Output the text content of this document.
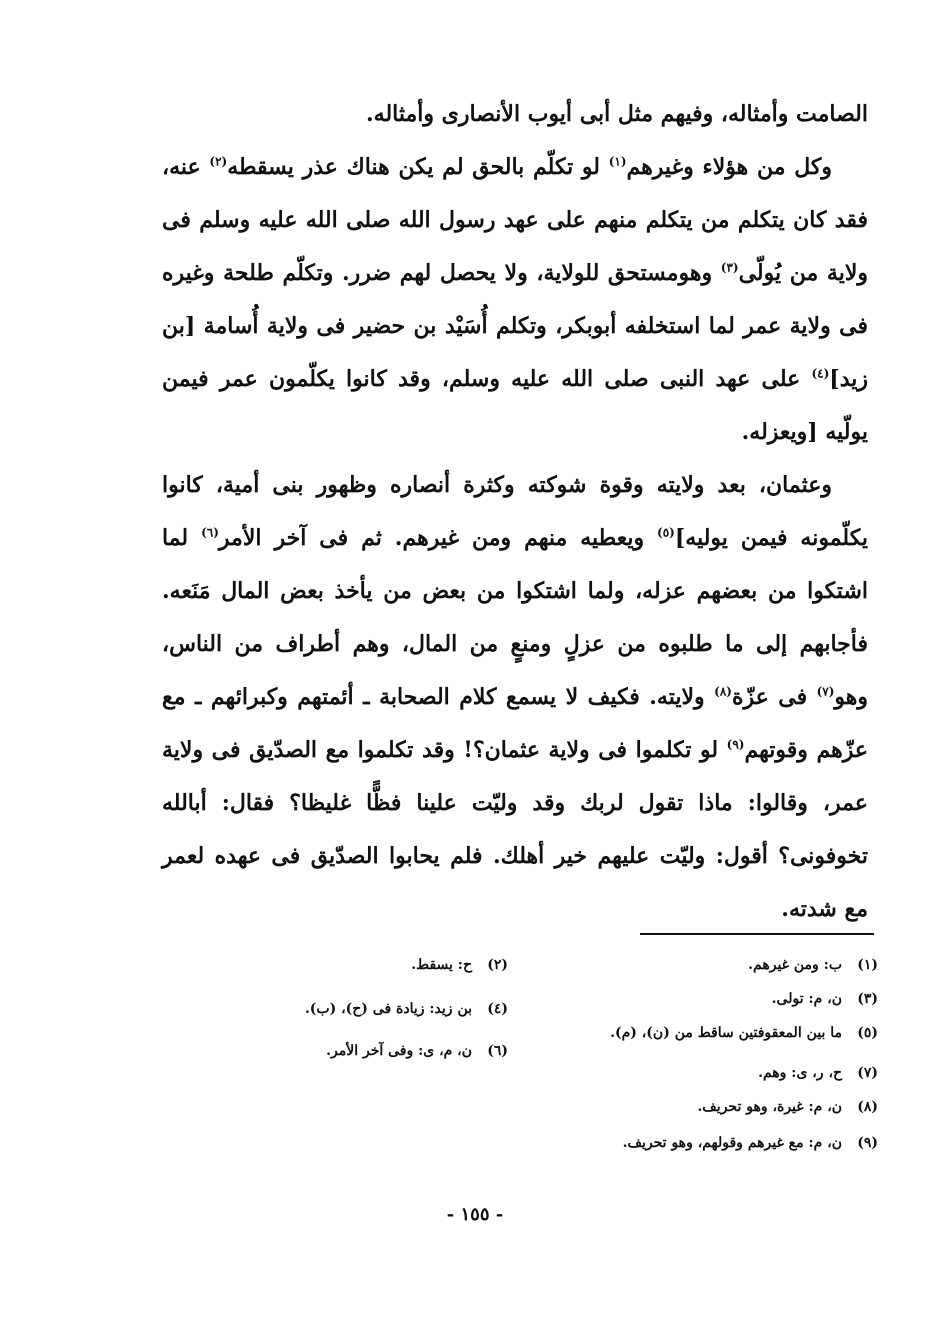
الصامت وأمثاله، وفيهم مثل أبى أيوب الأنصارى وأمثاله.

وكل من هؤلاء وغيرهم$^{(١)}$ لو تكلّم بالحق لم يكن هناك عذر يسقطه$^{(٢)}$ عنه، فقد كان يتكلم من يتكلم منهم على عهد رسول الله صلى الله عليه وسلم فى ولاية من يُولّى$^{(٣)}$ وهومستحق للولاية، ولا يحصل لهم ضرر. وتكلّم طلحة وغيره فى ولاية عمر لما استخلفه أبوبكر، وتكلم أُسَيْد بن حضير فى ولاية أُسامة [بن زيد]$^{(٤)}$ على عهد النبى صلى الله عليه وسلم، وقد كانوا يكلّمون عمر فيمن يولّيه [ويعزله.

وعثمان، بعد ولايته وقوة شوكته وكثرة أنصاره وظهور بنى أمية، كانوا يكلّمونه فيمن يوليه]$^{(٥)}$ ويعطيه منهم ومن غيرهم. ثم فى آخر الأمر$^{(٦)}$ لما اشتكوا من بعضهم عزله، ولما اشتكوا من بعض من يأخذ بعض المال مَنَعه. فأجابهم إلى ما طلبوه من عزلٍ ومنعٍ من المال، وهم أطراف من الناس، وهو$^{(٧)}$ فى عزّة$^{(٨)}$ ولايته. فكيف لا يسمع كلام الصحابة ـ أئمتهم وكبرائهم ـ مع عزّهم وقوتهم$^{(٩)}$ لو تكلموا فى ولاية عثمان؟! وقد تكلموا مع الصدّيق فى ولاية عمر، وقالوا: ماذا تقول لربك وقد وليّت علينا فظًّا غليظا؟ فقال: أبالله تخوفونى؟ أقول: وليّت عليهم خير أهلك. فلم يحابوا الصدّيق فى عهده لعمر مع شدته.

(١)
ب: ومن غيرهم.
(٢)
ح: يسقط.
(٣)
ن، م: تولى.
(٤)
بن زيد: زيادة فى (ح)، (ب).
(٥)
ما بين المعقوفتين ساقط من (ن)، (م).
(٦)
ن، م، ى: وفى آخر الأمر.
(٧)
ح، ر، ى: وهم.
(٨)
ن، م: غيرة، وهو تحريف.
(٩)
ن، م: مع غيرهم وقولهم، وهو تحريف.
- ١٥٥ -
